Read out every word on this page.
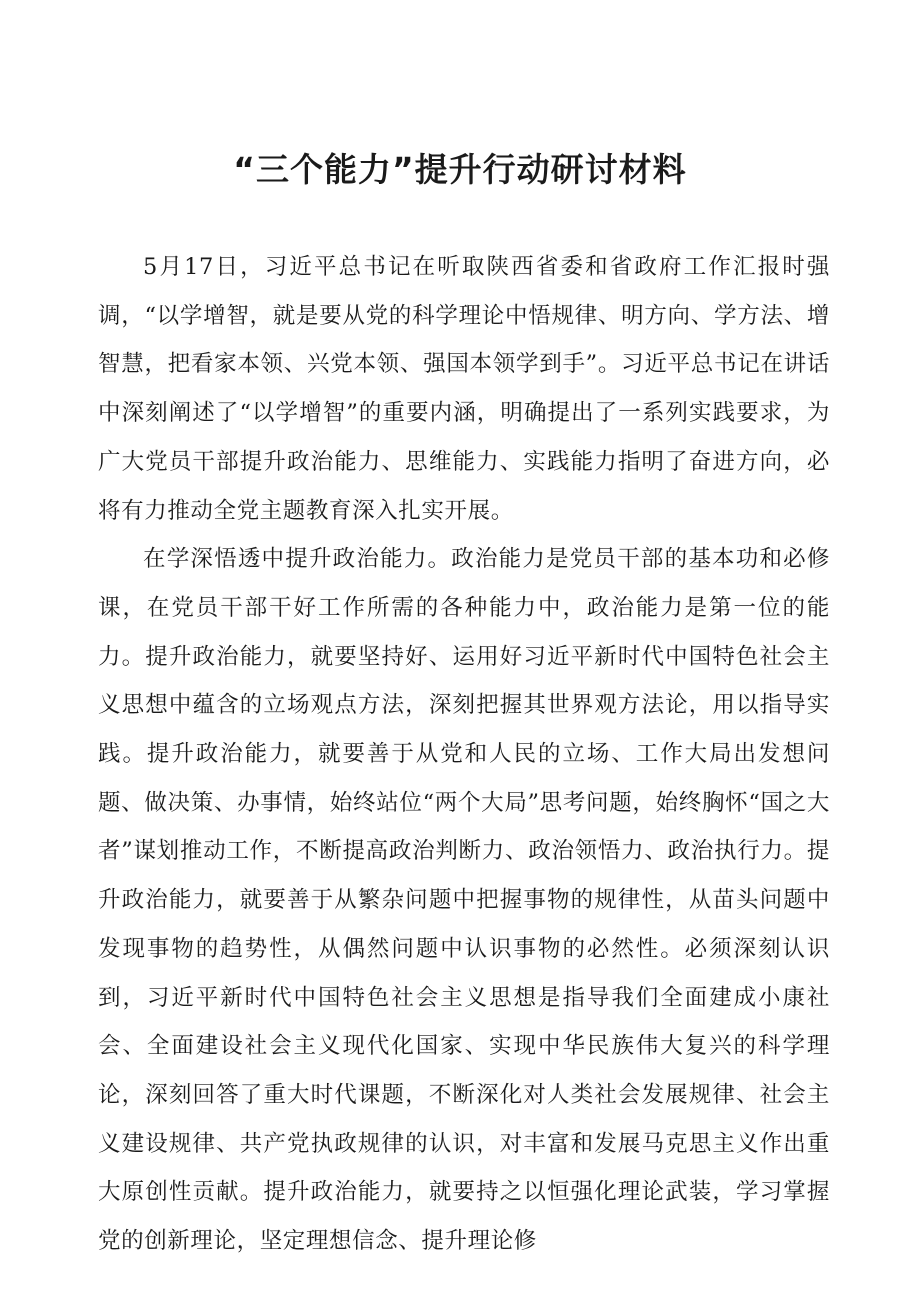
“三个能力”提升行动研讨材料

5月17日，习近平总书记在听取陕西省委和省政府工作汇报时强调，“以学增智，就是要从党的科学理论中悟规律、明方向、学方法、增智慧，把看家本领、兴党本领、强国本领学到手”。习近平总书记在讲话中深刻阐述了“以学增智”的重要内涵，明确提出了一系列实践要求，为广大党员干部提升政治能力、思维能力、实践能力指明了奋进方向，必将有力推动全党主题教育深入扎实开展。

在学深悟透中提升政治能力。政治能力是党员干部的基本功和必修课，在党员干部干好工作所需的各种能力中，政治能力是第一位的能力。提升政治能力，就要坚持好、运用好习近平新时代中国特色社会主义思想中蕴含的立场观点方法，深刻把握其世界观方法论，用以指导实践。提升政治能力，就要善于从党和人民的立场、工作大局出发想问题、做决策、办事情，始终站位“两个大局”思考问题，始终胸怀“国之大者”谋划推动工作，不断提高政治判断力、政治领悟力、政治执行力。提升政治能力，就要善于从繁杂问题中把握事物的规律性，从苗头问题中发现事物的趋势性，从偶然问题中认识事物的必然性。必须深刻认识到，习近平新时代中国特色社会主义思想是指导我们全面建成小康社会、全面建设社会主义现代化国家、实现中华民族伟大复兴的科学理论，深刻回答了重大时代课题，不断深化对人类社会发展规律、社会主义建设规律、共产党执政规律的认识，对丰富和发展马克思主义作出重大原创性贡献。提升政治能力，就要持之以恒强化理论武装，学习掌握党的创新理论，坚定理想信念、提升理论修
